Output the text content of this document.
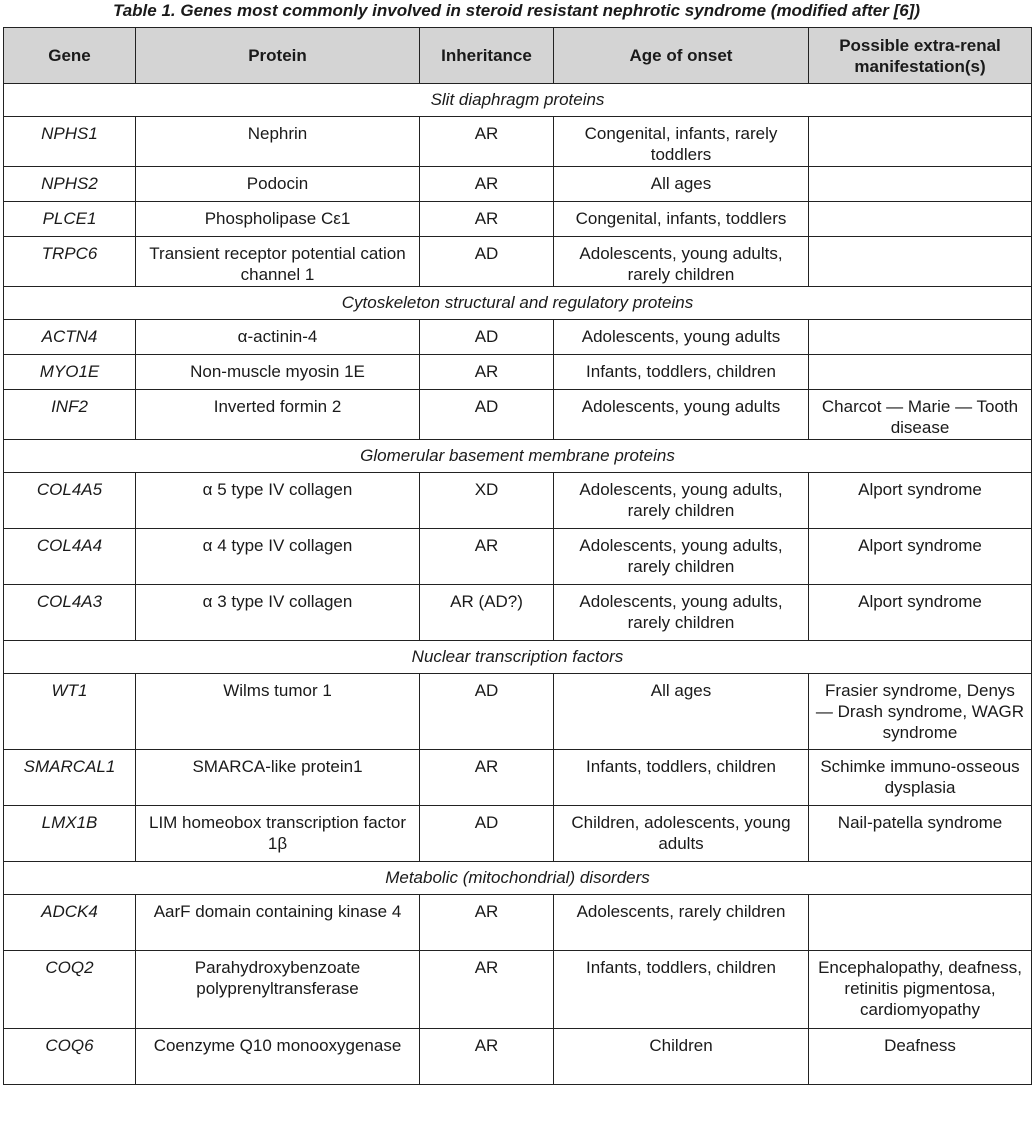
Table 1. Genes most commonly involved in steroid resistant nephrotic syndrome (modified after [6])
Gene	Protein	Inheritance	Age of onset	Possible extra-renal manifestation(s)
Slit diaphragm proteins				
NPHS1	Nephrin	AR	Congenital, infants, rarely toddlers	
NPHS2	Podocin	AR	All ages	
PLCE1	Phospholipase Cε1	AR	Congenital, infants, toddlers	
TRPC6	Transient receptor potential cation channel 1	AD	Adolescents, young adults, rarely children	
Cytoskeleton structural and regulatory proteins				
ACTN4	α-actinin-4	AD	Adolescents, young adults	
MYO1E	Non-muscle myosin 1E	AR	Infants, toddlers, children	
INF2	Inverted formin 2	AD	Adolescents, young adults	Charcot — Marie — Tooth disease
Glomerular basement membrane proteins				
COL4A5	α 5 type IV collagen	XD	Adolescents, young adults, rarely children	Alport syndrome
COL4A4	α 4 type IV collagen	AR	Adolescents, young adults, rarely children	Alport syndrome
COL4A3	α 3 type IV collagen	AR (AD?)	Adolescents, young adults, rarely children	Alport syndrome
Nuclear transcription factors				
WT1	Wilms tumor 1	AD	All ages	Frasier syndrome, Denys — Drash syndrome, WAGR syndrome
SMARCAL1	SMARCA-like protein1	AR	Infants, toddlers, children	Schimke immuno-osseous dysplasia
LMX1B	LIM homeobox transcription factor 1β	AD	Children, adolescents, young adults	Nail-patella syndrome
Metabolic (mitochondrial) disorders				
ADCK4	AarF domain containing kinase 4	AR	Adolescents, rarely children	
COQ2	Parahydroxybenzoate polyprenyltransferase	AR	Infants, toddlers, children	Encephalopathy, deafness, retinitis pigmentosa, cardiomyopathy
COQ6	Coenzyme Q10 monooxygenase	AR	Children	Deafness
